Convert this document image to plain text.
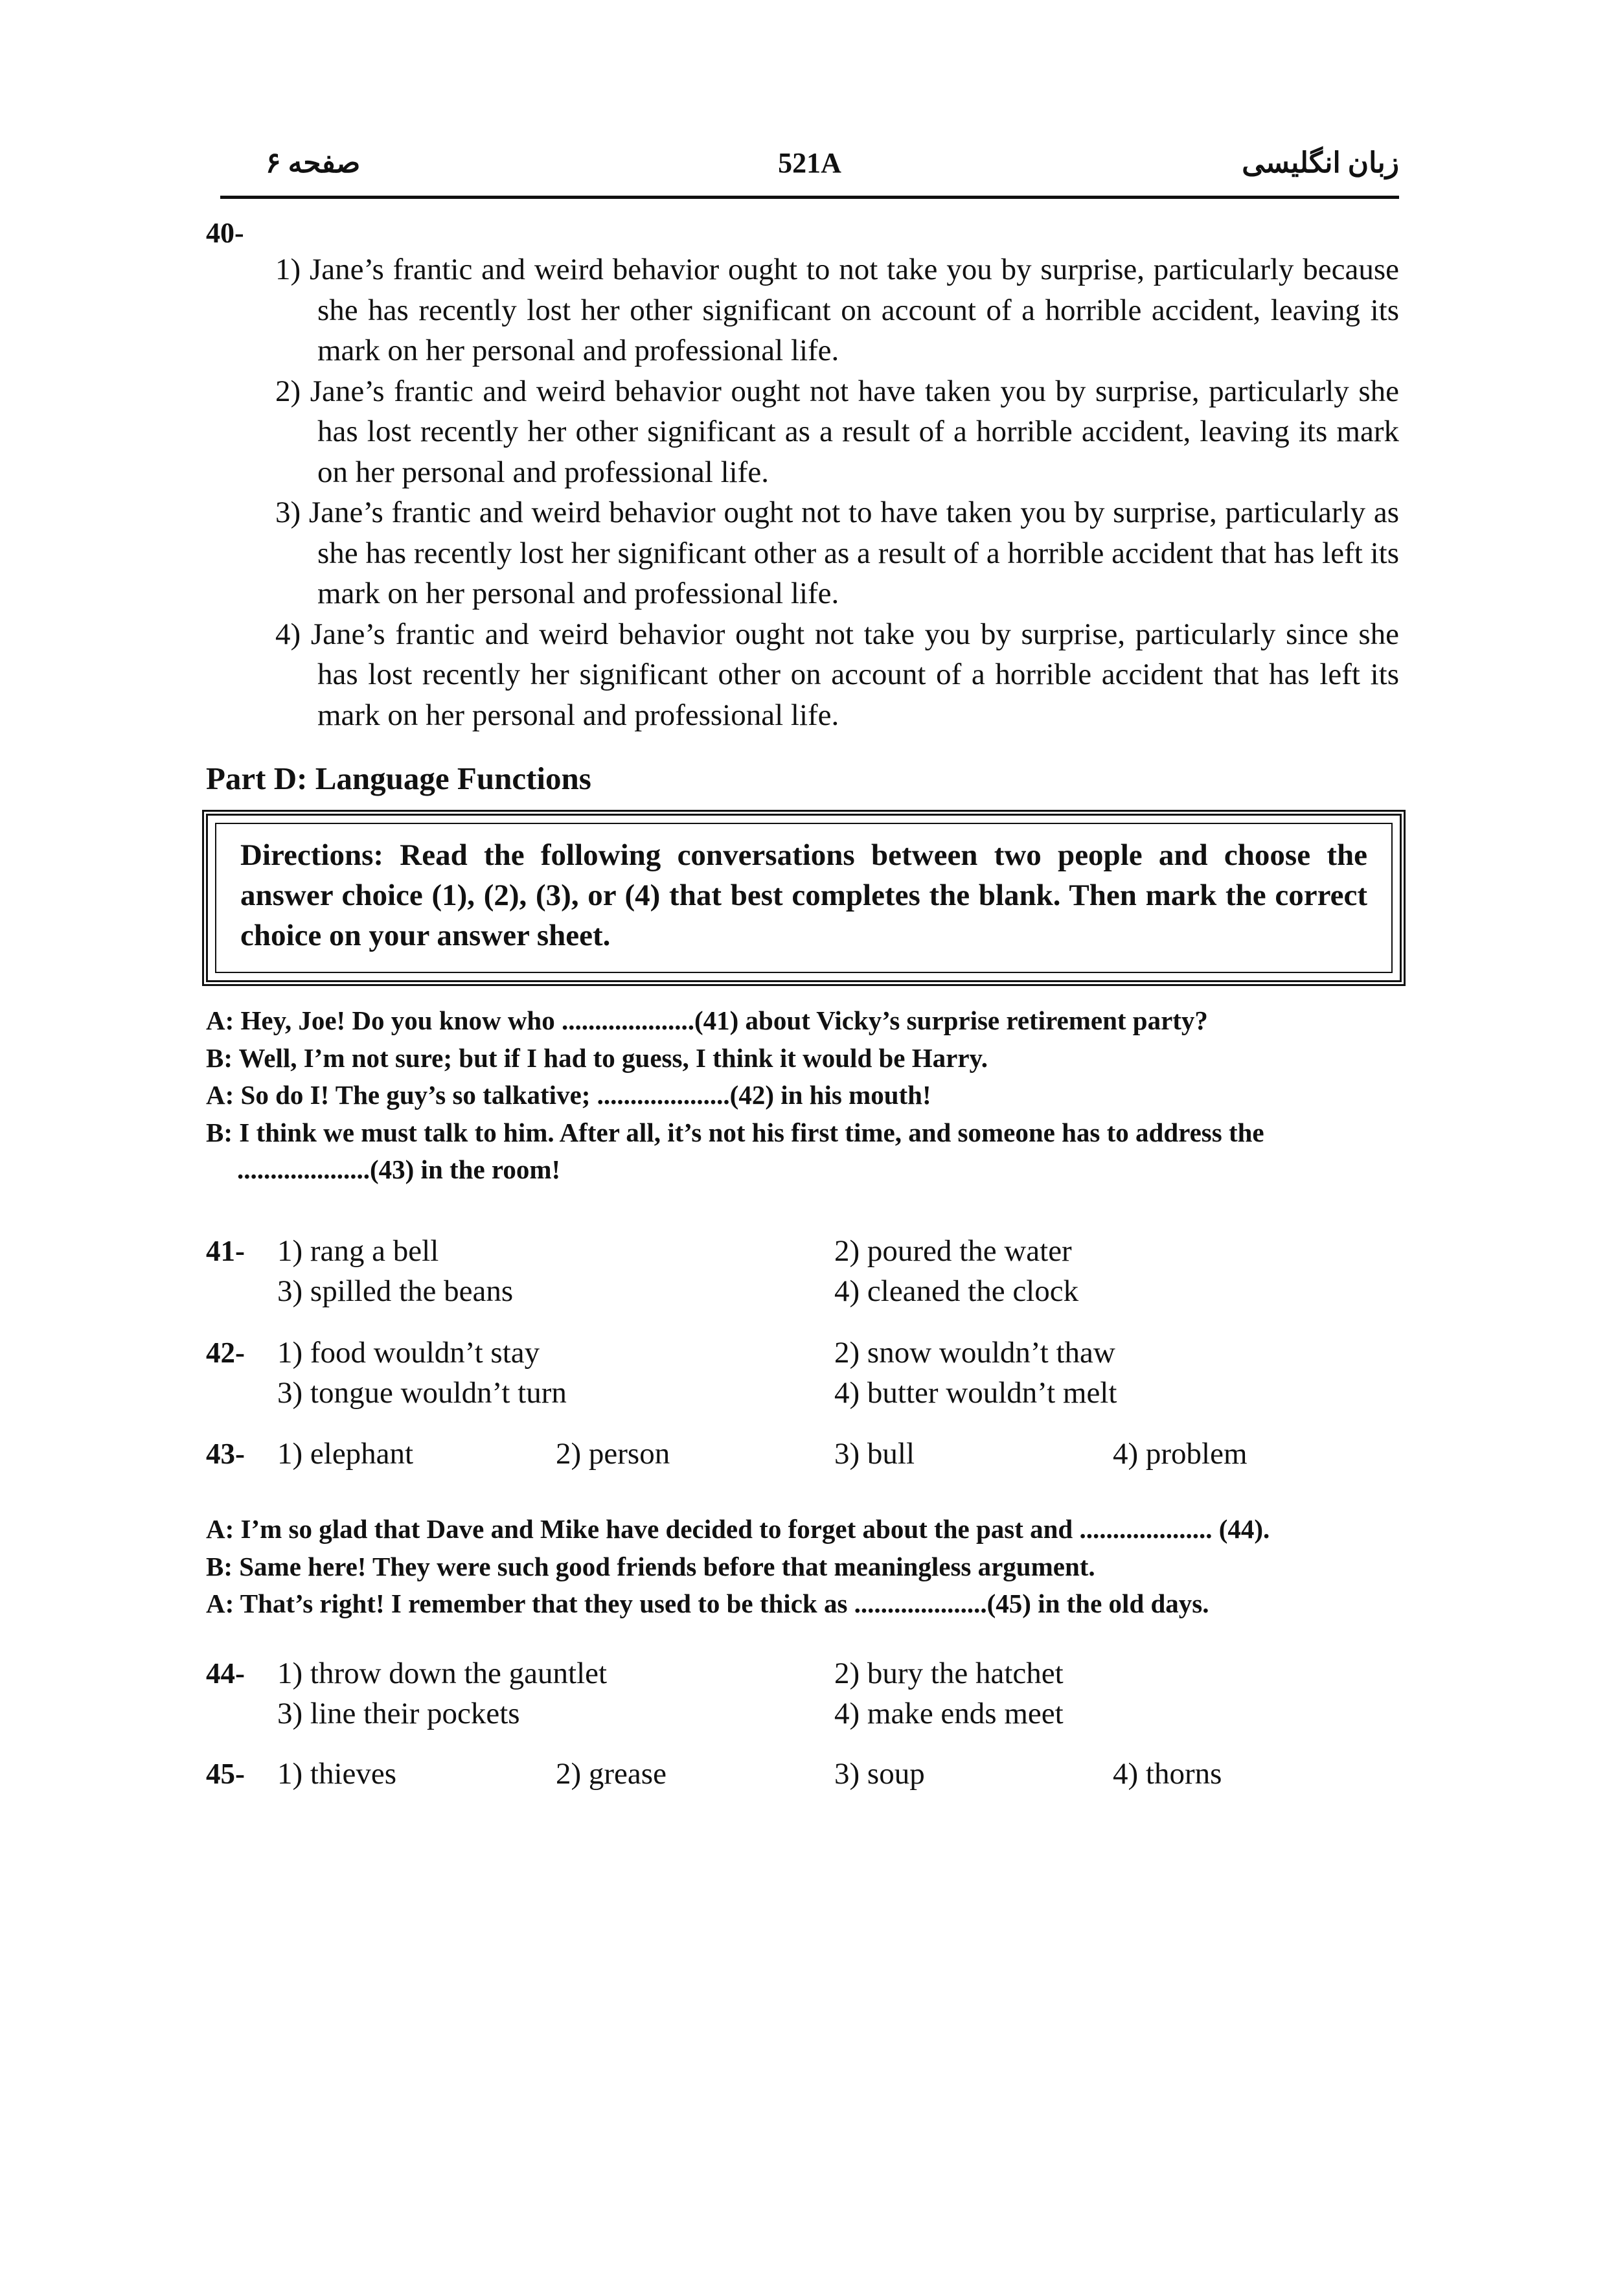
صفحه ۶	521A	زبان انگلیسی
40-

1) Jane’s frantic and weird behavior ought to not take you by surprise, particularly because she has recently lost her other significant on account of a horrible accident, leaving its mark on her personal and professional life.

2) Jane’s frantic and weird behavior ought not have taken you by surprise, particularly she has lost recently her other significant as a result of a horrible accident, leaving its mark on her personal and professional life.

3) Jane’s frantic and weird behavior ought not to have taken you by surprise, particularly as she has recently lost her significant other as a result of a horrible accident that has left its mark on her personal and professional life.

4) Jane’s frantic and weird behavior ought not take you by surprise, particularly since she has lost recently her significant other on account of a horrible accident that has left its mark on her personal and professional life.

Part D: Language Functions
Directions: Read the following conversations between two people and choose the answer choice (1), (2), (3), or (4) that best completes the blank. Then mark the correct choice on your answer sheet.
A: Hey, Joe! Do you know who ....................(41) about Vicky’s surprise retirement party?
B: Well, I’m not sure; but if I had to guess, I think it would be Harry.
A: So do I! The guy’s so talkative; ....................(42) in his mouth!
B: I think we must talk to him. After all, it’s not his first time, and someone has to address the
....................(43) in the room!
41- 1) rang a bell	2) poured the water
3) spilled the beans	4) cleaned the clock
42- 1) food wouldn’t stay	2) snow wouldn’t thaw
3) tongue wouldn’t turn	4) butter wouldn’t melt
43- 1) elephant	2) person	3) bull	4) problem
A: I’m so glad that Dave and Mike have decided to forget about the past and .................... (44).
B: Same here! They were such good friends before that meaningless argument.
A: That’s right! I remember that they used to be thick as ....................(45) in the old days.
44- 1) throw down the gauntlet	2) bury the hatchet
3) line their pockets	4) make ends meet
45- 1) thieves	2) grease	3) soup	4) thorns
